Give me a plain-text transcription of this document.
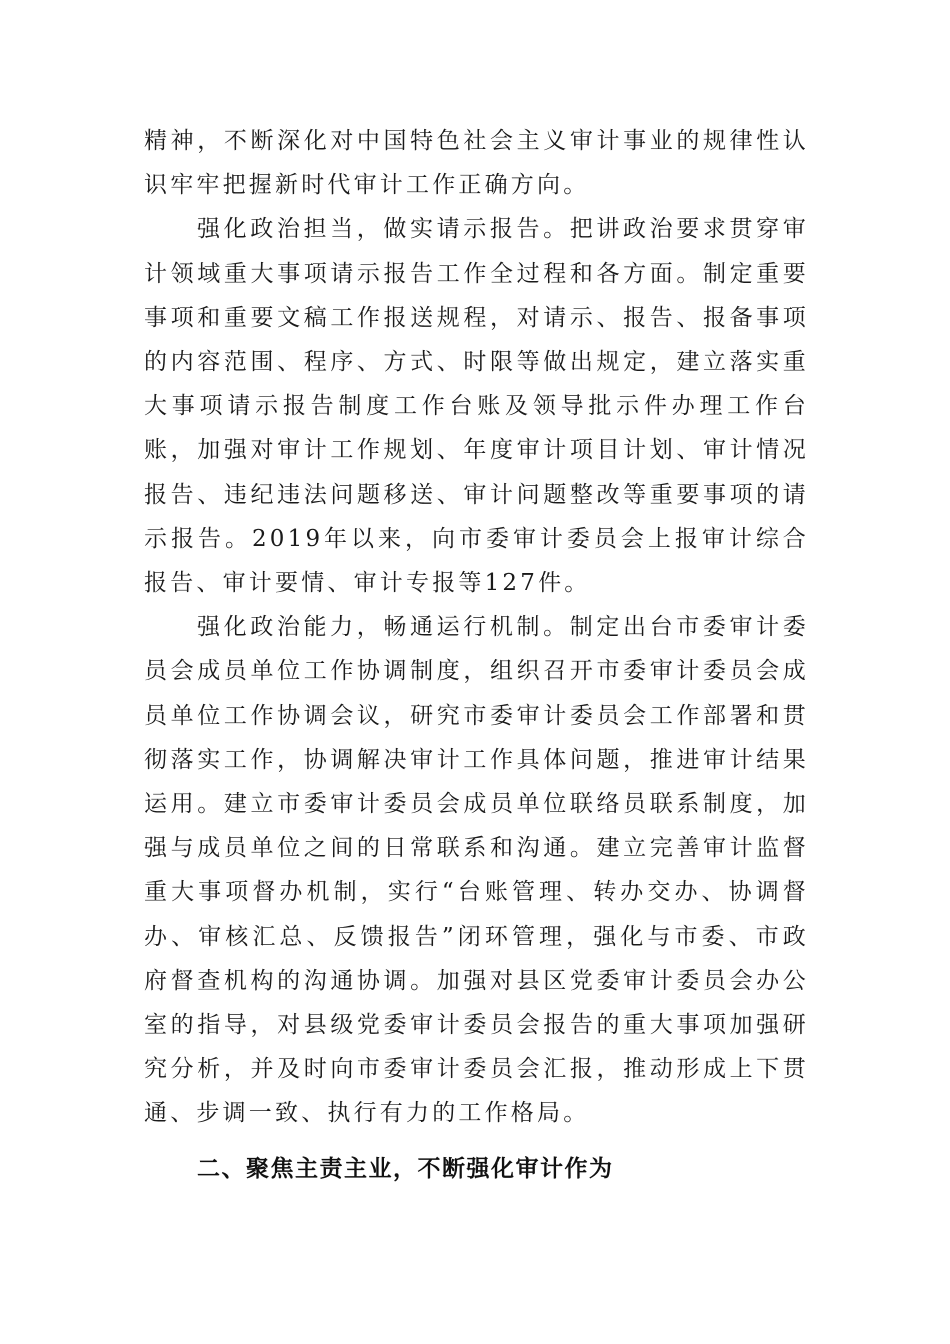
精神，不断深化对中国特色社会主义审计事业的规律性认识牢牢把握新时代审计工作正确方向。

强化政治担当，做实请示报告。把讲政治要求贯穿审计领域重大事项请示报告工作全过程和各方面。制定重要事项和重要文稿工作报送规程，对请示、报告、报备事项的内容范围、程序、方式、时限等做出规定，建立落实重大事项请示报告制度工作台账及领导批示件办理工作台账，加强对审计工作规划、年度审计项目计划、审计情况报告、违纪违法问题移送、审计问题整改等重要事项的请示报告。2019年以来，向市委审计委员会上报审计综合报告、审计要情、审计专报等127件。

强化政治能力，畅通运行机制。制定出台市委审计委员会成员单位工作协调制度，组织召开市委审计委员会成员单位工作协调会议，研究市委审计委员会工作部署和贯彻落实工作，协调解决审计工作具体问题，推进审计结果运用。建立市委审计委员会成员单位联络员联系制度，加强与成员单位之间的日常联系和沟通。建立完善审计监督重大事项督办机制，实行“台账管理、转办交办、协调督办、审核汇总、反馈报告”闭环管理，强化与市委、市政府督查机构的沟通协调。加强对县区党委审计委员会办公室的指导，对县级党委审计委员会报告的重大事项加强研究分析，并及时向市委审计委员会汇报，推动形成上下贯通、步调一致、执行有力的工作格局。

二、聚焦主责主业，不断强化审计作为
